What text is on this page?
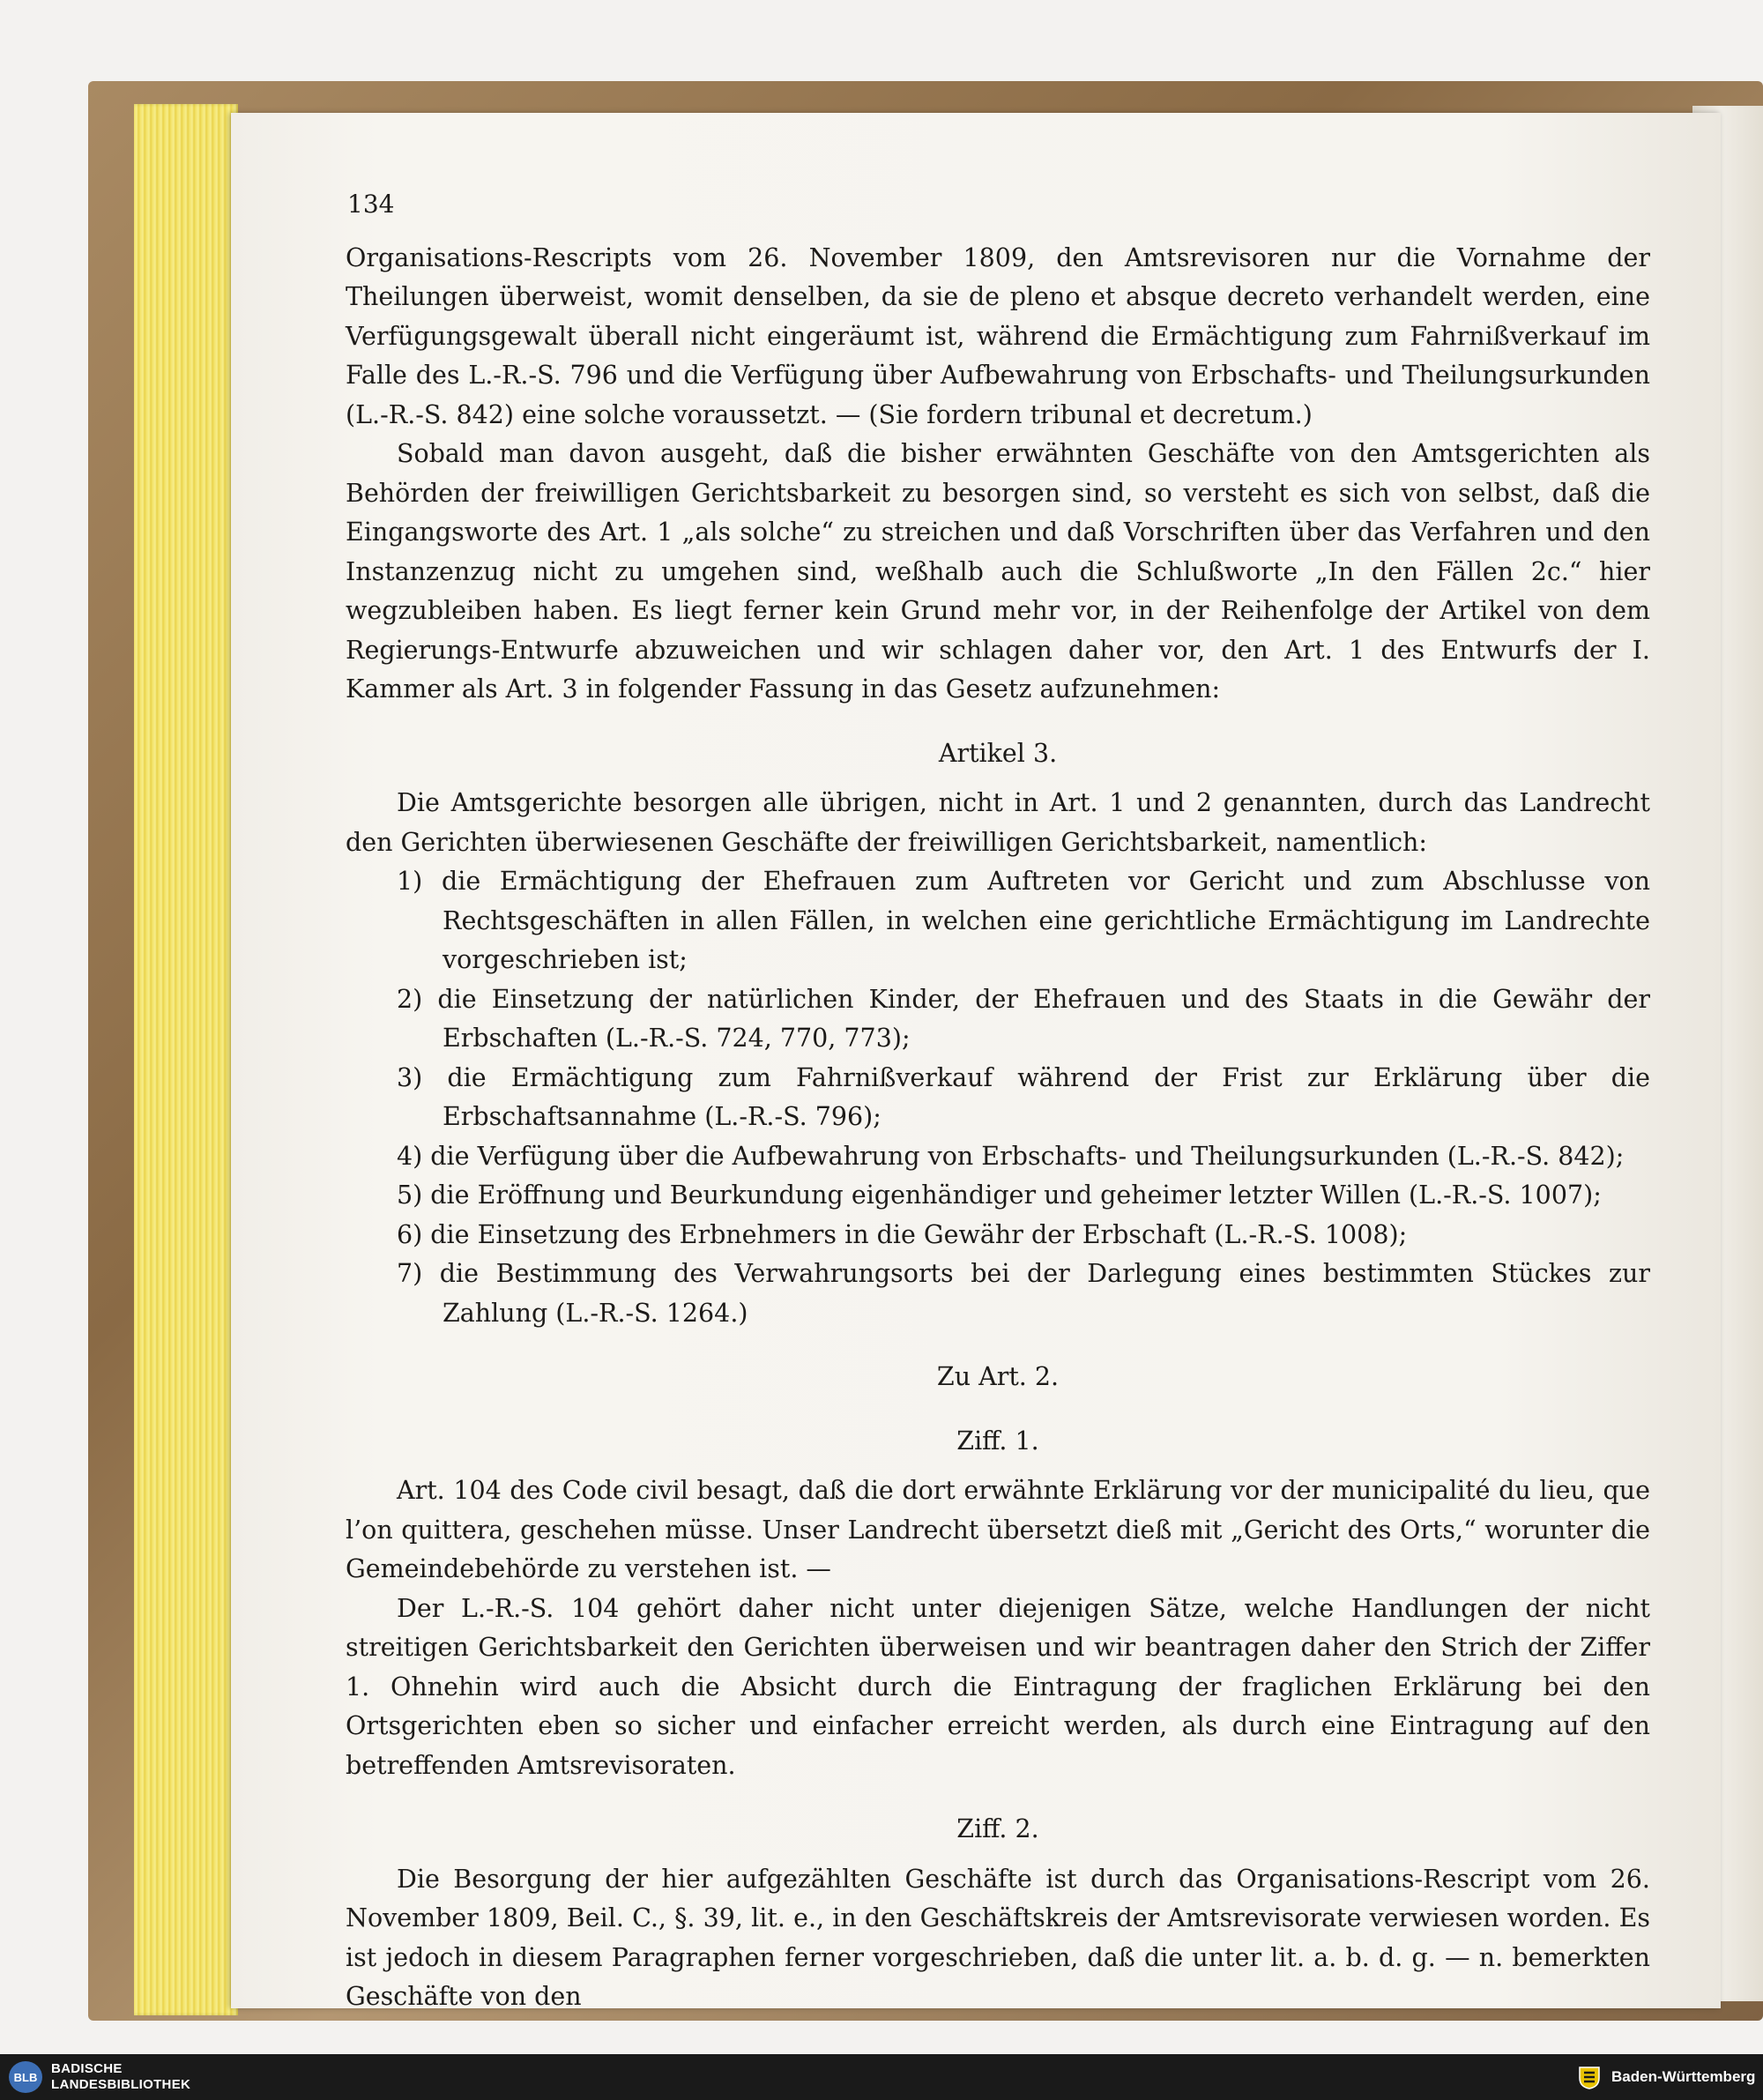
134

Organisations-Rescripts vom 26. November 1809, den Amtsrevisoren nur die Vornahme der Theilungen überweist, womit denselben, da sie de pleno et absque decreto verhandelt werden, eine Verfügungsgewalt überall nicht eingeräumt ist, während die Ermächtigung zum Fahrnißverkauf im Falle des L.-R.-S. 796 und die Verfügung über Aufbewahrung von Erbschafts- und Theilungsurkunden (L.-R.-S. 842) eine solche voraussetzt. — (Sie fordern tribunal et decretum.)

Sobald man davon ausgeht, daß die bisher erwähnten Geschäfte von den Amtsgerichten als Behörden der freiwilligen Gerichtsbarkeit zu besorgen sind, so versteht es sich von selbst, daß die Eingangsworte des Art. 1 „als solche“ zu streichen und daß Vorschriften über das Verfahren und den Instanzenzug nicht zu umgehen sind, weßhalb auch die Schlußworte „In den Fällen 2c.“ hier wegzubleiben haben. Es liegt ferner kein Grund mehr vor, in der Reihenfolge der Artikel von dem Regierungs-Entwurfe abzuweichen und wir schlagen daher vor, den Art. 1 des Entwurfs der I. Kammer als Art. 3 in folgender Fassung in das Gesetz aufzunehmen:

Artikel 3.

Die Amtsgerichte besorgen alle übrigen, nicht in Art. 1 und 2 genannten, durch das Landrecht den Gerichten überwiesenen Geschäfte der freiwilligen Gerichtsbarkeit, namentlich:

1) die Ermächtigung der Ehefrauen zum Auftreten vor Gericht und zum Abschlusse von Rechtsgeschäften in allen Fällen, in welchen eine gerichtliche Ermächtigung im Landrechte vorgeschrieben ist;
2) die Einsetzung der natürlichen Kinder, der Ehefrauen und des Staats in die Gewähr der Erbschaften (L.-R.-S. 724, 770, 773);
3) die Ermächtigung zum Fahrnißverkauf während der Frist zur Erklärung über die Erbschaftsannahme (L.-R.-S. 796);
4) die Verfügung über die Aufbewahrung von Erbschafts- und Theilungsurkunden (L.-R.-S. 842);
5) die Eröffnung und Beurkundung eigenhändiger und geheimer letzter Willen (L.-R.-S. 1007);
6) die Einsetzung des Erbnehmers in die Gewähr der Erbschaft (L.-R.-S. 1008);
7) die Bestimmung des Verwahrungsorts bei der Darlegung eines bestimmten Stückes zur Zahlung (L.-R.-S. 1264.)
Zu Art. 2.
Ziff. 1.

Art. 104 des Code civil besagt, daß die dort erwähnte Erklärung vor der municipalité du lieu, que l’on quittera, geschehen müsse. Unser Landrecht übersetzt dieß mit „Gericht des Orts,“ worunter die Gemeindebehörde zu verstehen ist. —

Der L.-R.-S. 104 gehört daher nicht unter diejenigen Sätze, welche Handlungen der nicht streitigen Gerichtsbarkeit den Gerichten überweisen und wir beantragen daher den Strich der Ziffer 1. Ohnehin wird auch die Absicht durch die Eintragung der fraglichen Erklärung bei den Ortsgerichten eben so sicher und einfacher erreicht werden, als durch eine Eintragung auf den betreffenden Amtsrevisoraten.

Ziff. 2.

Die Besorgung der hier aufgezählten Geschäfte ist durch das Organisations-Rescript vom 26. November 1809, Beil. C., §. 39, lit. e., in den Geschäftskreis der Amtsrevisorate verwiesen worden. Es ist jedoch in diesem Paragraphen ferner vorgeschrieben, daß die unter lit. a. b. d. g. — n. bemerkten Geschäfte von den

BLB
BADISCHE
LANDESBIBLIOTHEK	Baden-Württemberg
